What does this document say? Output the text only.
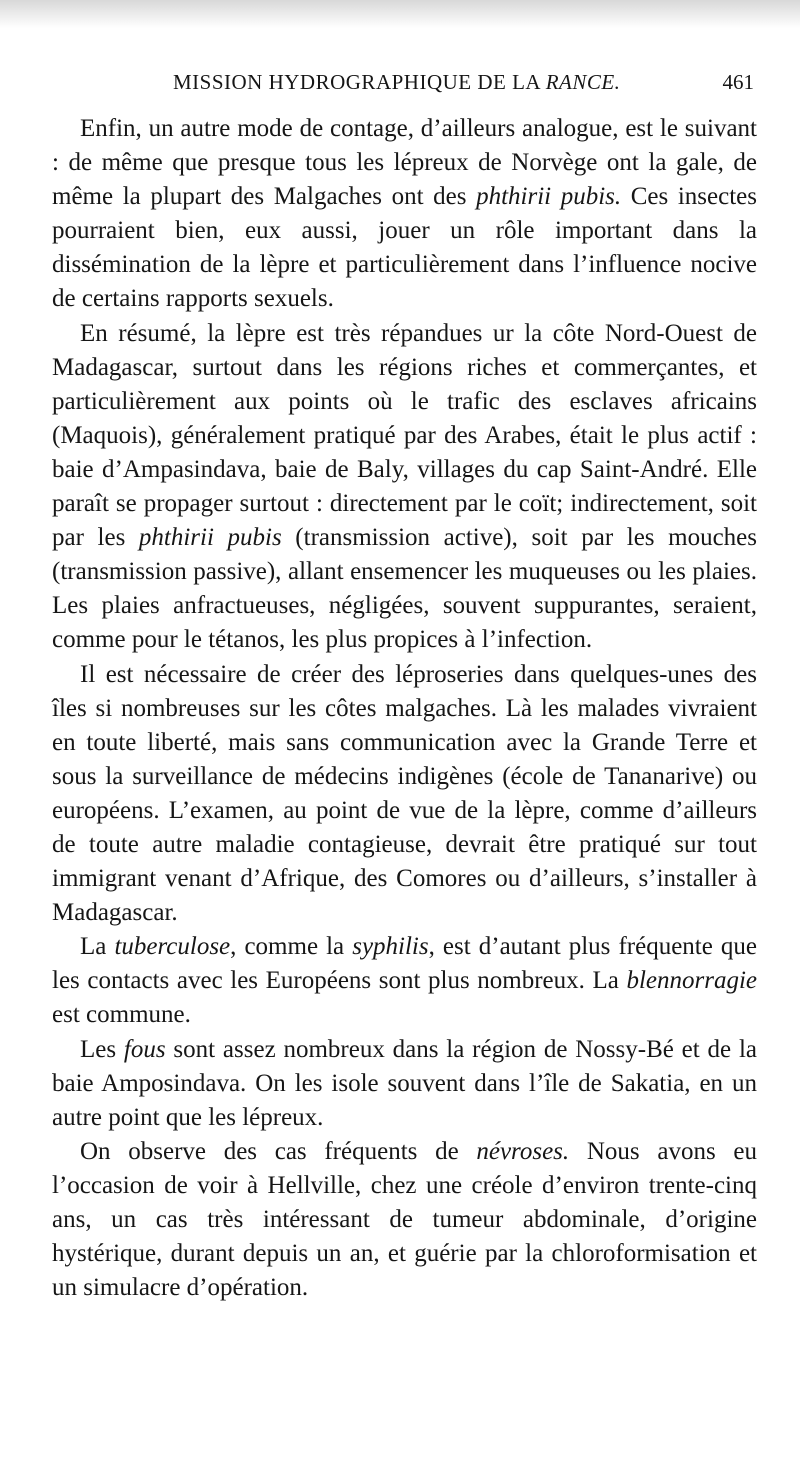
MISSION HYDROGRAPHIQUE DE LA RANCE.	461

Enfin, un autre mode de contage, d’ailleurs analogue, est le suivant : de même que presque tous les lépreux de Norvège ont la gale, de même la plupart des Malgaches ont des phthirii pubis. Ces insectes pourraient bien, eux aussi, jouer un rôle important dans la dissémination de la lèpre et particulièrement dans l’influence nocive de certains rapports sexuels.

En résumé, la lèpre est très répandues ur la côte Nord-Ouest de Madagascar, surtout dans les régions riches et commerçantes, et particulièrement aux points où le trafic des esclaves africains (Maquois), généralement pratiqué par des Arabes, était le plus actif : baie d’Ampasindava, baie de Baly, villages du cap Saint-André. Elle paraît se propager surtout : directement par le coït; indirectement, soit par les phthirii pubis (transmission active), soit par les mouches (transmission passive), allant ensemencer les muqueuses ou les plaies. Les plaies anfractueuses, négligées, souvent suppurantes, seraient, comme pour le tétanos, les plus propices à l’infection.

Il est nécessaire de créer des léproseries dans quelques-unes des îles si nombreuses sur les côtes malgaches. Là les malades vivraient en toute liberté, mais sans communication avec la Grande Terre et sous la surveillance de médecins indigènes (école de Tananarive) ou européens. L’examen, au point de vue de la lèpre, comme d’ailleurs de toute autre maladie contagieuse, devrait être pratiqué sur tout immigrant venant d’Afrique, des Comores ou d’ailleurs, s’installer à Madagascar.

La tuberculose, comme la syphilis, est d’autant plus fréquente que les contacts avec les Européens sont plus nombreux. La blennorragie est commune.

Les fous sont assez nombreux dans la région de Nossy-Bé et de la baie Amposindava. On les isole souvent dans l’île de Sakatia, en un autre point que les lépreux.

On observe des cas fréquents de névroses. Nous avons eu l’occasion de voir à Hellville, chez une créole d’environ trente-cinq ans, un cas très intéressant de tumeur abdominale, d’origine hystérique, durant depuis un an, et guérie par la chloroformisation et un simulacre d’opération.
